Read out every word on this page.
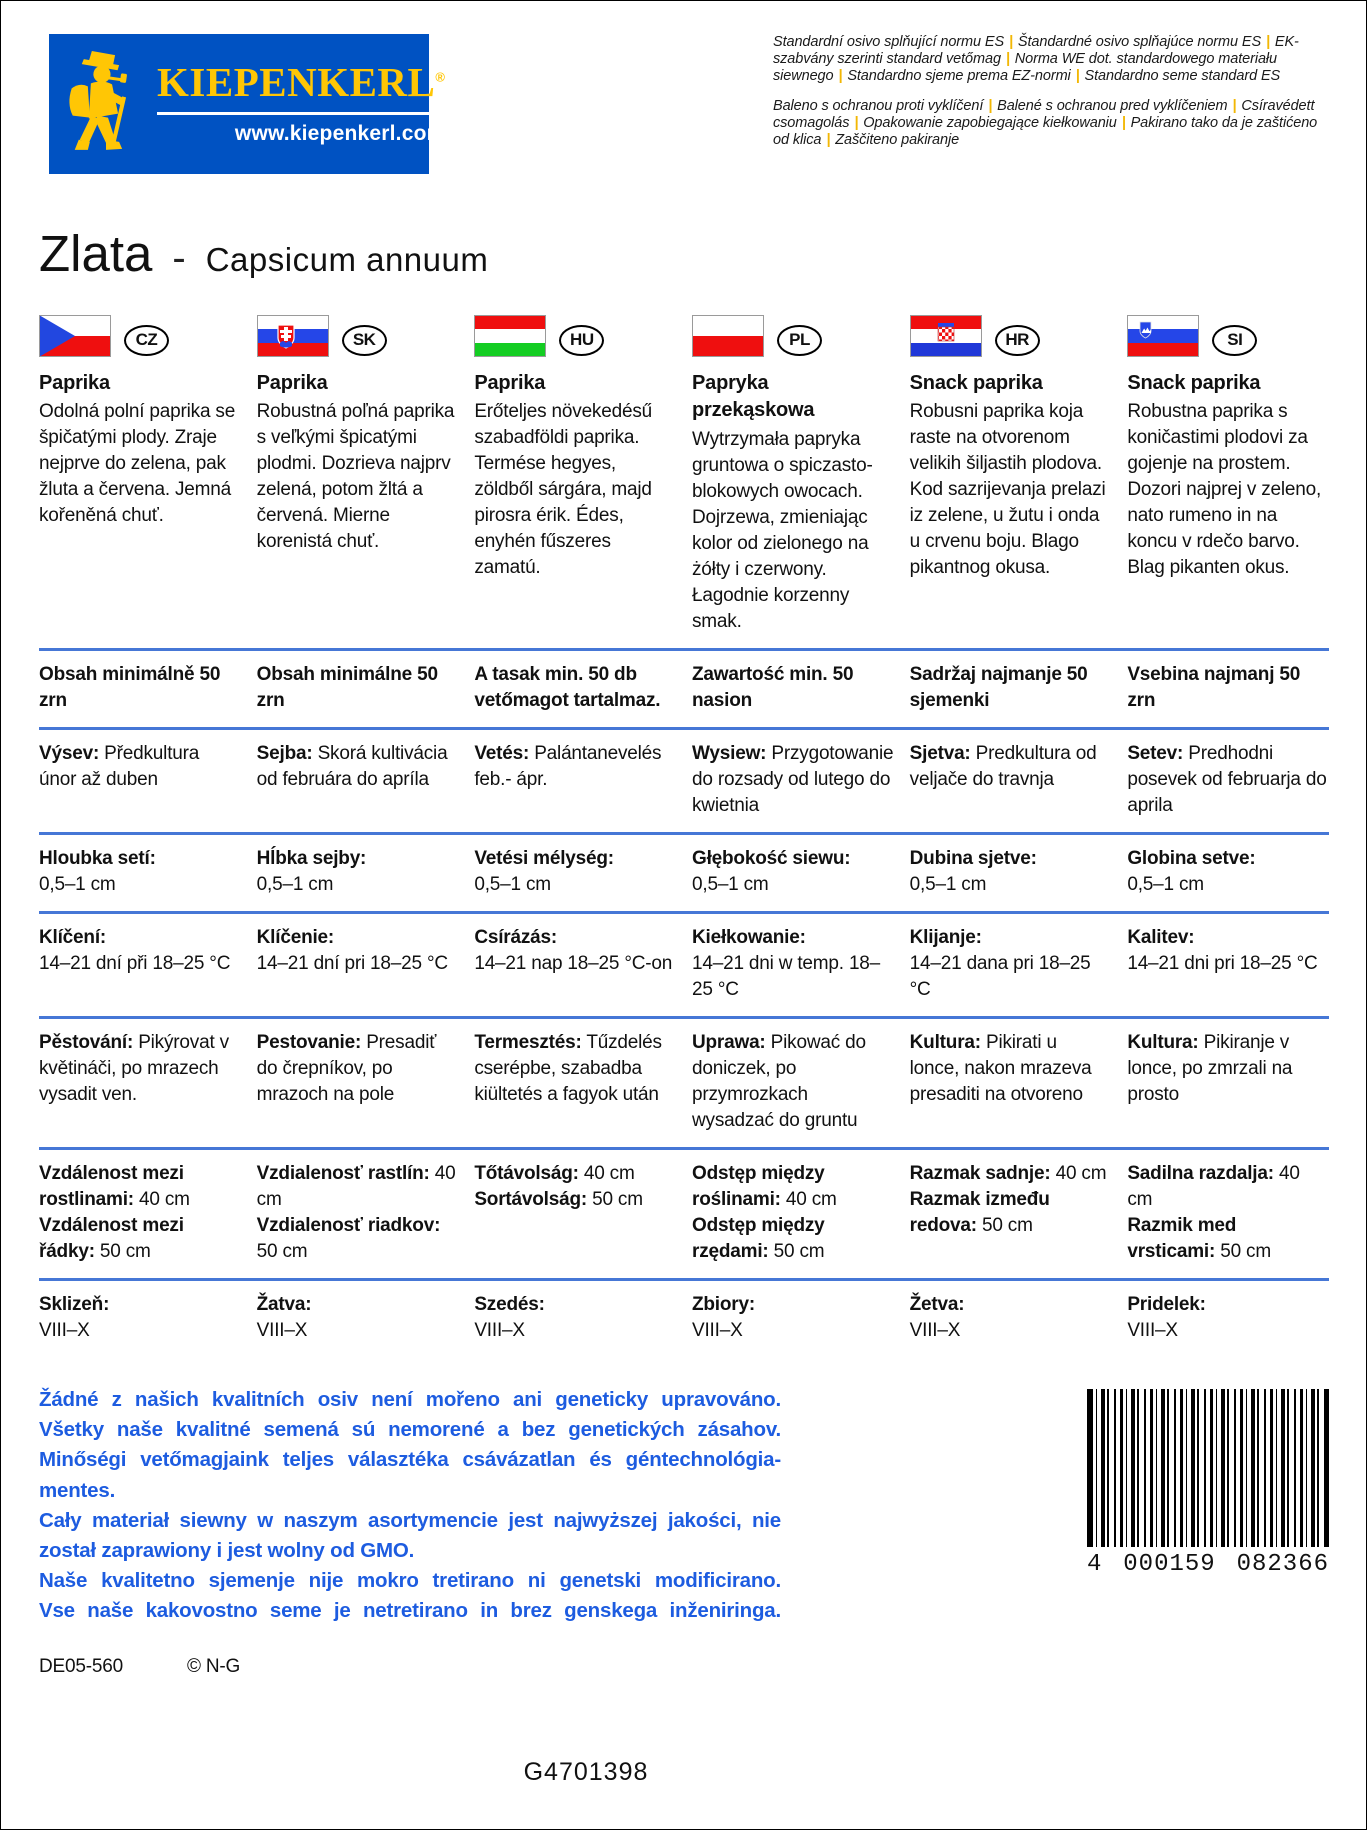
KIEPENKERL®
www.kiepenkerl.com

Standardní osivo splňující normu ES | Štandardné osivo splňajúce normu ES | EK-szabvány szerinti standard vetőmag | Norma WE dot. standardowego materiału siewnego | Standardno sjeme prema EZ-normi | Standardno seme standard ES

Baleno s ochranou proti vyklíčení | Balené s ochranou pred vyklíčeniem | Csíravédett csomagolás | Opakowanie zapobiegające kiełkowaniu | Pakirano tako da je zaštićeno od klica | Zaščiteno pakiranje

Zlata - Capsicum annuum
CZ
Paprika
Odolná polní paprika se špičatými plody. Zraje nejprve do zelena, pak žluta a červena. Jemná kořeněná chuť.
SK
Paprika
Robustná poľná paprika s veľkými špicatými plodmi. Dozrieva najprv zelená, potom žltá a červená. Mierne korenistá chuť.
HU
Paprika
Erőteljes növekedésű szabadföldi paprika. Termése hegyes, zöldből sárgára, majd pirosra érik. Édes, enyhén fűszeres zamatú.
PL
Papryka przekąskowa
Wytrzymała papryka gruntowa o spiczasto-blokowych owocach. Dojrzewa, zmieniając kolor od zielonego na żółty i czerwony. Łagodnie korzenny smak.
HR
Snack paprika
Robusni paprika koja raste na otvorenom velikih šiljastih plodova. Kod sazrijevanja prelazi iz zelene, u žutu i onda u crvenu boju. Blago pikantnog okusa.
SI
Snack paprika
Robustna paprika s koničastimi plodovi za gojenje na prostem. Dozori najprej v zeleno, nato rumeno in na koncu v rdečo barvo. Blag pikanten okus.
Obsah minimálně 50 zrn
Obsah minimálne 50 zrn
A tasak min. 50 db vetőmagot tartalmaz.
Zawartość min. 50 nasion
Sadržaj najmanje 50 sjemenki
Vsebina najmanj 50 zrn
Výsev: Předkultura únor až duben
Sejba: Skorá kultivácia od februára do apríla
Vetés: Palántanevelés feb.- ápr.
Wysiew: Przygotowanie do rozsady od lutego do kwietnia
Sjetva: Predkultura od veljače do travnja
Setev: Predhodni posevek od februarja do aprila
Hloubka setí:
0,5–1 cm
Hĺbka sejby:
0,5–1 cm
Vetési mélység:
0,5–1 cm
Głębokość siewu:
0,5–1 cm
Dubina sjetve:
0,5–1 cm
Globina setve:
0,5–1 cm
Klíčení:
14–21 dní při 18–25 °C
Klíčenie:
14–21 dní pri 18–25 °C
Csírázás:
14–21 nap 18–25 °C-on
Kiełkowanie:
14–21 dni w temp. 18–25 °C
Klijanje:
14–21 dana pri 18–25 °C
Kalitev:
14–21 dni pri 18–25 °C
Pěstování: Pikýrovat v květináči, po mrazech vysadit ven.
Pestovanie: Presadiť do črepníkov, po mrazoch na pole
Termesztés: Tűzdelés cserépbe, szabadba kiültetés a fagyok után
Uprawa: Pikować do doniczek, po przymrozkach wysadzać do gruntu
Kultura: Pikirati u lonce, nakon mrazeva presaditi na otvoreno
Kultura: Pikiranje v lonce, po zmrzali na prosto
Vzdálenost mezi rostlinami: 40 cm
Vzdálenost mezi řádky: 50 cm
Vzdialenosť rastlín: 40 cm
Vzdialenosť riadkov: 50 cm
Tőtávolság: 40 cm
Sortávolság: 50 cm
Odstęp między roślinami: 40 cm
Odstęp między rzędami: 50 cm
Razmak sadnje: 40 cm
Razmak između redova: 50 cm
Sadilna razdalja: 40 cm
Razmik med vrsticami: 50 cm
Sklizeň:
VIII–X
Žatva:
VIII–X
Szedés:
VIII–X
Zbiory:
VIII–X
Žetva:
VIII–X
Pridelek:
VIII–X
Žádné z našich kvalitních osiv není mořeno ani geneticky upravováno.
Všetky naše kvalitné semená sú nemorené a bez genetických zásahov.
Minőségi vetőmagjaink teljes választéka csávázatlan és géntechnológia-mentes.
Cały materiał siewny w naszym asortymencie jest najwyższej jakości, nie został zaprawiony i jest wolny od GMO.
Naše kvalitetno sjemenje nije mokro tretirano ni genetski modificirano.
Vse naše kakovostno seme je netretirano in brez genskega inženiringa.
4 000159 082366
DE05-560	© N-G
G4701398
